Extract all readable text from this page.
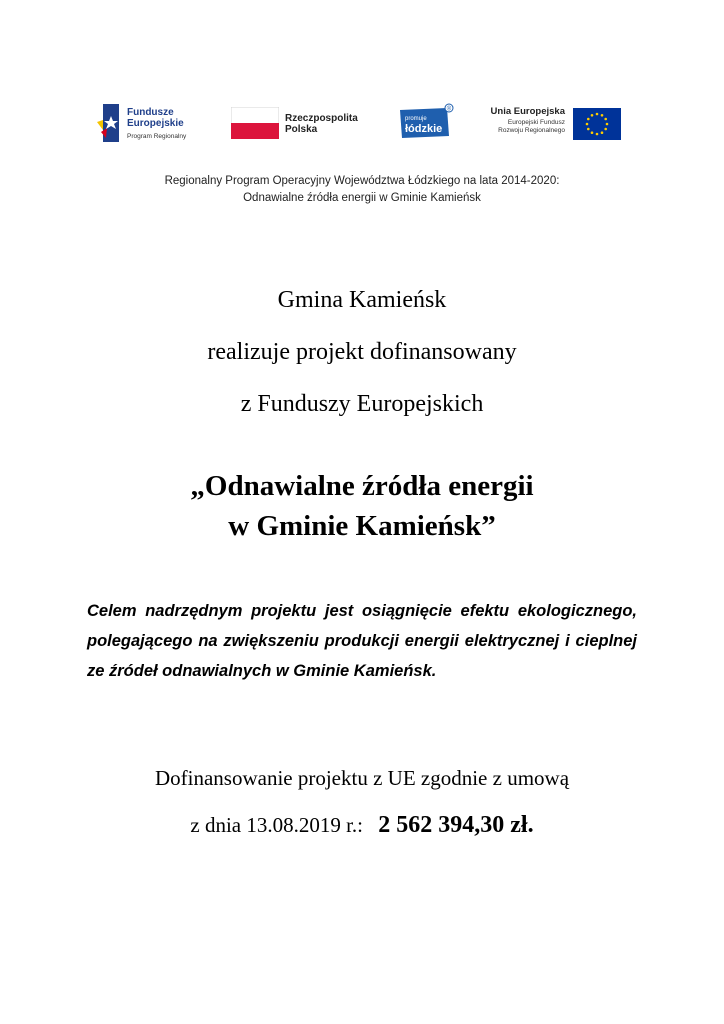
Fundusze
Europejskie
Program Regionalny
Rzeczpospolita
Polska
®
promuje
łódzkie
Unia Europejska
Europejski Fundusz
Rozwoju Regionalnego
Regionalny Program Operacyjny Województwa Łódzkiego na lata 2014-2020:
Odnawialne źródła energii w Gminie Kamieńsk
Gmina Kamieńsk
realizuje projekt dofinansowany
z Funduszy Europejskich
„Odnawialne źródła energii
w Gminie Kamieńsk”
Celem nadrzędnym projektu jest osiągnięcie efektu ekologicznego, polegającego na zwiększeniu produkcji energii elektrycznej i cieplnej ze źródeł odnawialnych w Gminie Kamieńsk.
Dofinansowanie projektu z UE zgodnie z umową
z dnia 13.08.2019 r.: 2 562 394,30 zł.
